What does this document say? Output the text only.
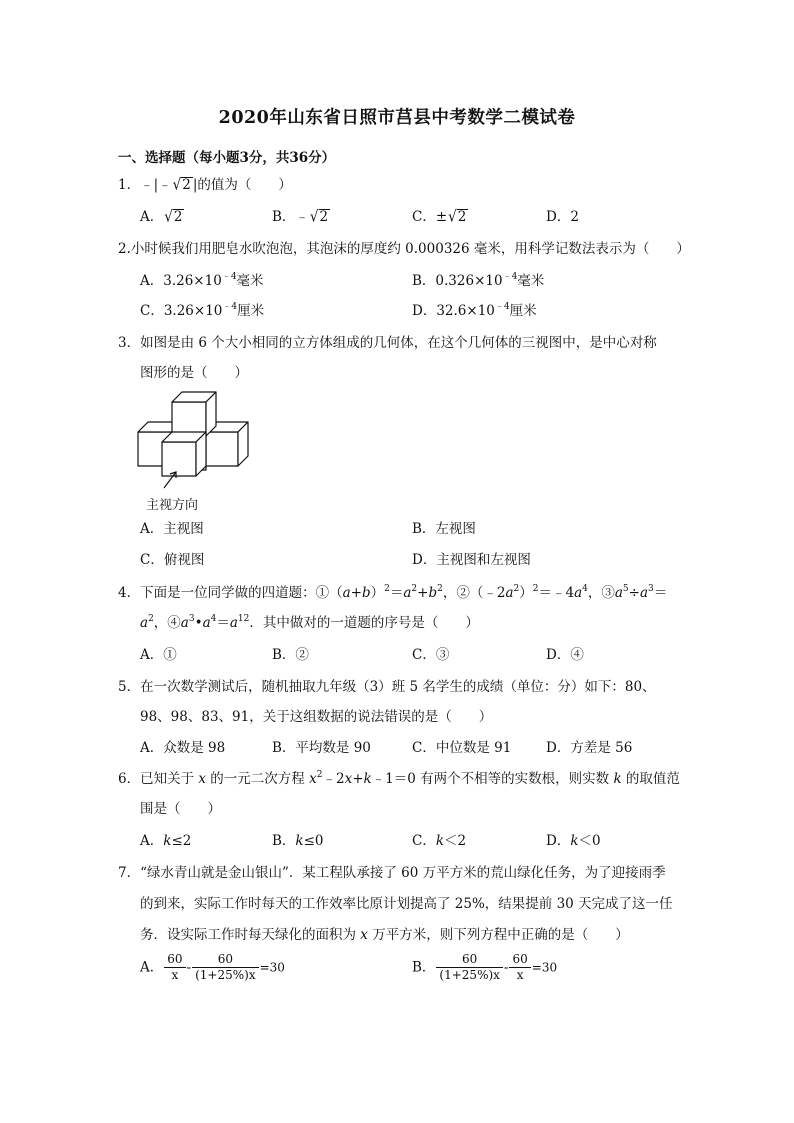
2020年山东省日照市莒县中考数学二模试卷
一、选择题（每小题3分，共36分）
1．﹣|﹣√2 |的值为（　　）
A．√2	B．﹣√2	C．±√2	D．2
2.小时候我们用肥皂水吹泡泡，其泡沫的厚度约 0.000326 毫米，用科学记数法表示为（　　）
A．$3.26\times 10^{﹣4}$毫米	B．$0.326\times 10^{﹣4}$毫米
C．$3.26\times 10^{﹣4}$厘米	D．$32.6\times 10^{﹣4}$厘米
3．如图是由 6 个大小相同的立方体组成的几何体，在这个几何体的三视图中，是中心对称
图形的是（　　）
主视方向
A．主视图	B．左视图
C．俯视图	D．主视图和左视图
4．下面是一位同学做的四道题：$①(a+b)^2=a^2+b^2$，$②(﹣2a^2)^2=﹣4a^4$，$③a^5\div a^3=$
$a^2$，$④a^3•a^4=a^{12}$．其中做对的一道题的序号是（　　）
A．①	B．②	C．③	D．④
5．在一次数学测试后，随机抽取九年级（3）班 5 名学生的成绩（单位：分）如下：80、
98、98、83、91，关于这组数据的说法错误的是（　　）
A．众数是 98	B．平均数是 90	C．中位数是 91	D．方差是 56
6．已知关于 x 的一元二次方程 $x^2﹣2x+k﹣1=0$ 有两个不相等的实数根，则实数 k 的取值范
围是（　　）
A．k≤2	B．k≤0	C．k＜2	D．k＜0
7．“绿水青山就是金山银山”．某工程队承接了 60 万平方米的荒山绿化任务，为了迎接雨季
的到来，实际工作时每天的工作效率比原计划提高了 25%，结果提前 30 天完成了这一任
务．设实际工作时每天绿化的面积为 x 万平方米，则下列方程中正确的是（　　）
A． $\frac{60}{x} - \frac{60}{(1+25\%)x} =30$	B． $\frac{60}{(1+25\%)x} - \frac{60}{x} =30$
